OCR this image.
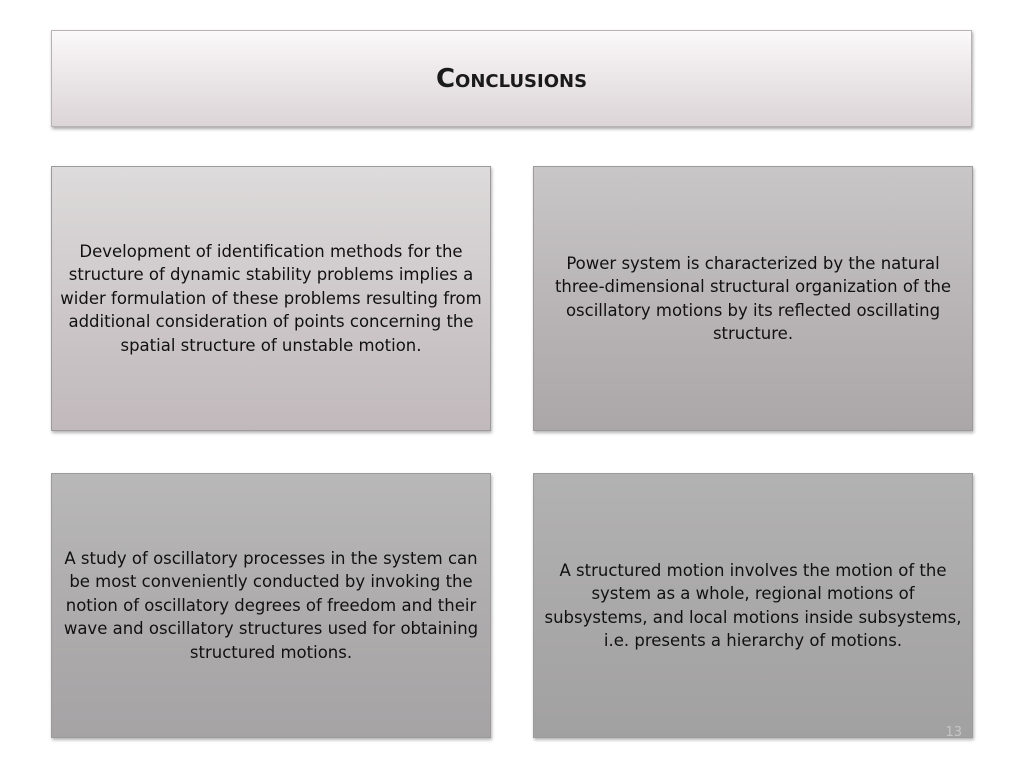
Conclusions
Development of identification methods for the structure of dynamic stability problems implies a wider formulation of these problems resulting from additional consideration of points concerning the spatial structure of unstable motion.
Power system is characterized by the natural three-dimensional structural organization of the oscillatory motions by its reflected oscillating structure.
A study of oscillatory processes in the system can be most conveniently conducted by invoking the notion of oscillatory degrees of freedom and their wave and oscillatory structures used for obtaining structured motions.
A structured motion involves the motion of the system as a whole, regional motions of subsystems, and local motions inside subsystems, i.e. presents a hierarchy of motions.
13
